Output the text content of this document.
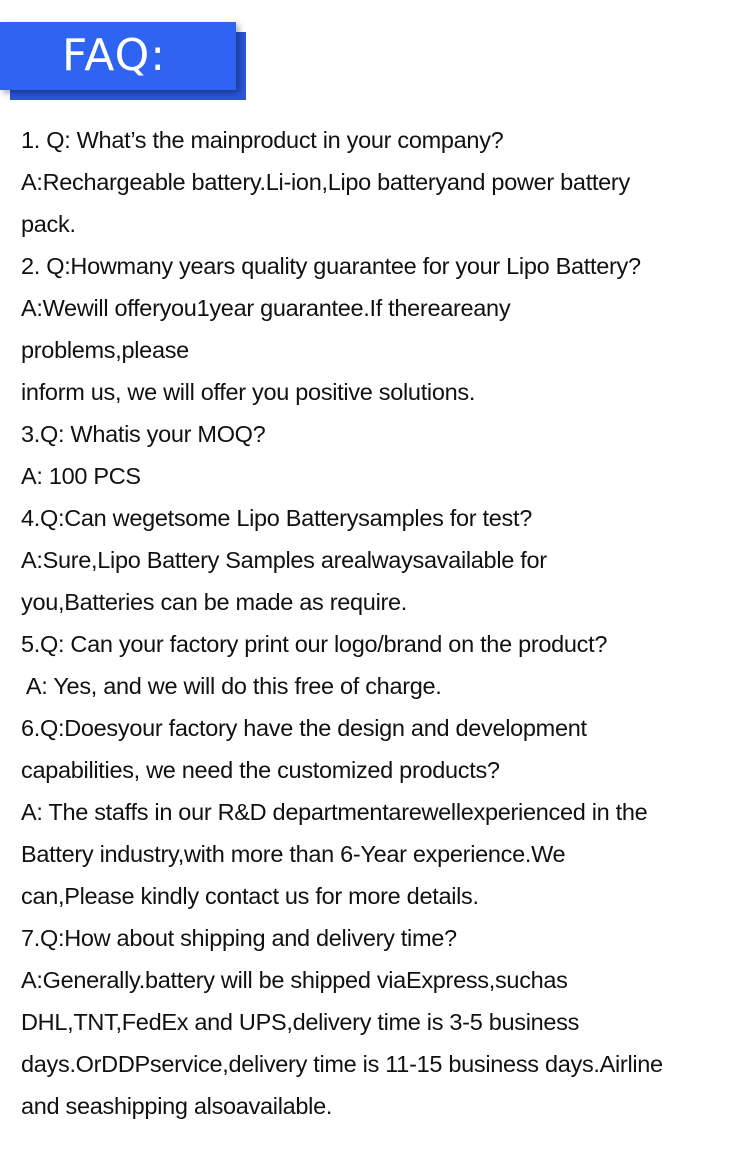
FAQ:
1. Q: What’s the mainproduct in your company?
A:Rechargeable battery.Li-ion,Lipo batteryand power battery
pack.
2. Q:Howmany years quality guarantee for your Lipo Battery?
A:Wewill offeryou1year guarantee.If thereareany
problems,please
inform us, we will offer you positive solutions.
3.Q: Whatis your MOQ?
A: 100 PCS
4.Q:Can wegetsome Lipo Batterysamples for test?
A:Sure,Lipo Battery Samples arealwaysavailable for
you,Batteries can be made as require.
5.Q: Can your factory print our logo/brand on the product?
A: Yes, and we will do this free of charge.
6.Q:Doesyour factory have the design and development
capabilities, we need the customized products?
A: The staffs in our R&D departmentarewellexperienced in the
Battery industry,with more than 6-Year experience.We
can,Please kindly contact us for more details.
7.Q:How about shipping and delivery time?
A:Generally.battery will be shipped viaExpress,suchas
DHL,TNT,FedEx and UPS,delivery time is 3-5 business
days.OrDDPservice,delivery time is 11-15 business days.Airline
and seashipping alsoavailable.
